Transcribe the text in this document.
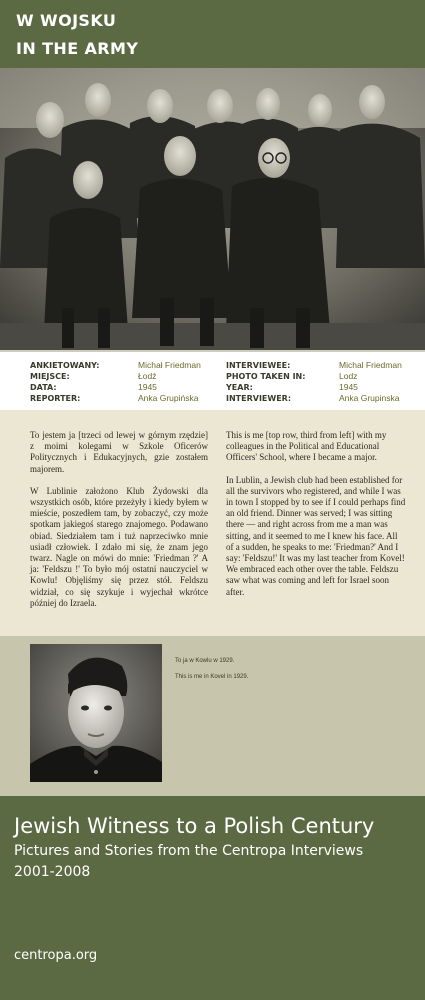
W WOJSKU
IN THE ARMY
ANKIETOWANY:	Michał Friedman
MIEJSCE:	Łodź
DATA:	1945
REPORTER:	Anka Grupińska
INTERVIEWEE:	Michal Friedman
PHOTO TAKEN IN:	Lodz
YEAR:	1945
INTERVIEWER:	Anka Grupinska

To jestem ja [trzeci od lewej w górnym rzędzie] z moimi kolegami w Szkole Oficerów Politycznych i Edukacyjnych, gzie zostałem majorem.

W Lublinie założono Klub Żydowski dla wszystkich osób, które przeżyły i kiedy byłem w mieście, poszedłem tam, by zobaczyć, czy może spotkam jakiegoś starego znajomego. Podawano obiad. Siedziałem tam i tuż naprzeciwko mnie usiadł człowiek. I zdało mi się, że znam jego twarz. Nagle on mówi do mnie: 'Friedman ?' A ja: 'Feldszu !' To było mój ostatni nauczyciel w Kowlu! Objęliśmy się przez stół. Feldszu widział, co się szykuje i wyjechał wkrótce później do Izraela.

This is me [top row, third from left] with my colleagues in the Political and Educational Officers' School, where I became a major.

In Lublin, a Jewish club had been established for all the survivors who registered, and while I was in town I stopped by to see if I could perhaps find an old friend. Dinner was served; I was sitting there — and right across from me a man was sitting, and it seemed to me I knew his face. All of a sudden, he speaks to me: 'Friedman?' And I say: 'Feldszu!' It was my last teacher from Kovel! We embraced each other over the table. Feldszu saw what was coming and left for Israel soon after.

To ja w Kowlu w 1929.
This is me in Kovel in 1929.
Jewish Witness to a Polish Century
Pictures and Stories from the Centropa Interviews
2001-2008
centropa.org
